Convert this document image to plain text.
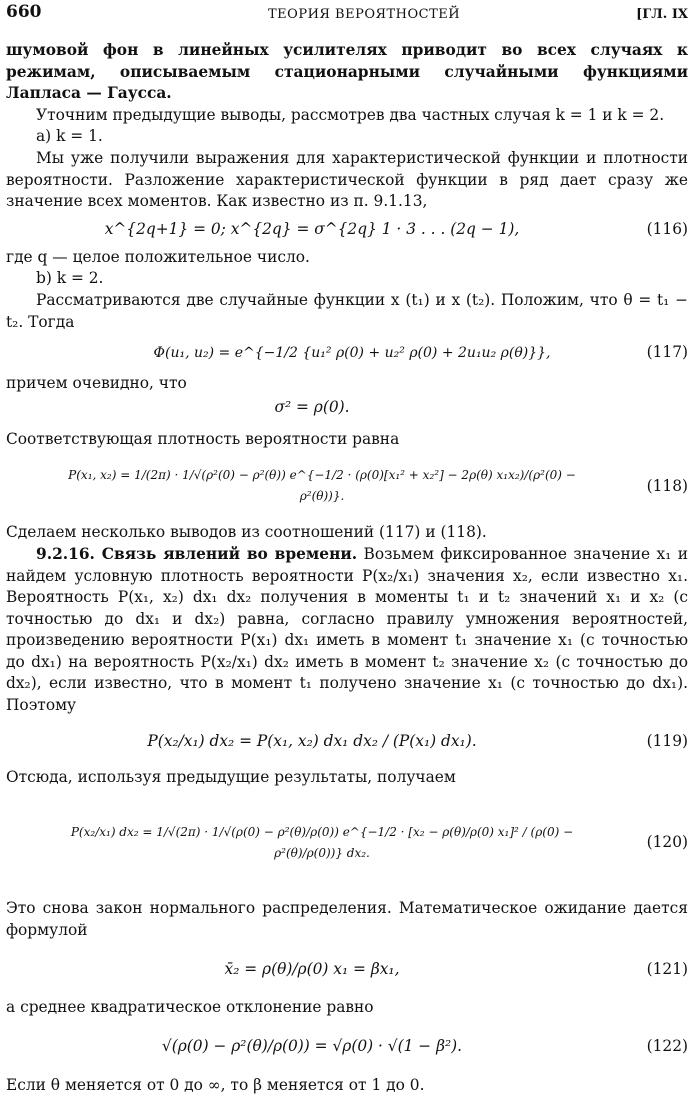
660	ТЕОРИЯ ВЕРОЯТНОСТЕЙ	[ГЛ. IX

шумовой фон в линейных усилителях приводит во всех случаях к режимам, описываемым стационарными случайными функциями Лапласа — Гаусса.

Уточним предыдущие выводы, рассмотрев два частных случая k = 1 и k = 2.

а) k = 1.

Мы уже получили выражения для характеристической функции и плотности вероятности. Разложение характеристической функции в ряд дает сразу же значение всех моментов. Как известно из п. 9.1.13,

x^{2q+1} = 0; x^{2q} = σ^{2q} 1 · 3 . . . (2q − 1),	(116)

где q — целое положительное число.

b) k = 2.

Рассматриваются две случайные функции x (t₁) и x (t₂). Положим, что θ = t₁ − t₂. Тогда

Φ(u₁, u₂) = e^{−1/2 {u₁² ρ(0) + u₂² ρ(0) + 2u₁u₂ ρ(θ)}},	(117)

причем очевидно, что

σ² = ρ(0).

Соответствующая плотность вероятности равна

P(x₁, x₂) = 1/(2π) · 1/√(ρ²(0) − ρ²(θ)) e^{−1/2 · (ρ(0)[x₁² + x₂²] − 2ρ(θ) x₁x₂)/(ρ²(0) − ρ²(θ))}.
(118)

Сделаем несколько выводов из соотношений (117) и (118).

9.2.16. Связь явлений во времени. Возьмем фиксированное значение x₁ и найдем условную плотность вероятности P(x₂/x₁) значения x₂, если известно x₁. Вероятность P(x₁, x₂) dx₁ dx₂ получения в моменты t₁ и t₂ значений x₁ и x₂ (с точностью до dx₁ и dx₂) равна, согласно правилу умножения вероятностей, произведению вероятности P(x₁) dx₁ иметь в момент t₁ значение x₁ (с точностью до dx₁) на вероятность P(x₂/x₁) dx₂ иметь в момент t₂ значение x₂ (с точностью до dx₂), если известно, что в момент t₁ получено значение x₁ (с точностью до dx₁). Поэтому

P(x₂/x₁) dx₂ = P(x₁, x₂) dx₁ dx₂ / (P(x₁) dx₁).	(119)

Отсюда, используя предыдущие результаты, получаем

P(x₂/x₁) dx₂ = 1/√(2π) · 1/√(ρ(0) − ρ²(θ)/ρ(0)) e^{−1/2 · [x₂ − ρ(θ)/ρ(0) x₁]² / (ρ(0) − ρ²(θ)/ρ(0))} dx₂.
(120)

Это снова закон нормального распределения. Математическое ожидание дается формулой

x̄₂ = ρ(θ)/ρ(0) x₁ = βx₁,	(121)

а среднее квадратическое отклонение равно

√(ρ(0) − ρ²(θ)/ρ(0)) = √ρ(0) · √(1 − β²).	(122)

Если θ меняется от 0 до ∞, то β меняется от 1 до 0.
